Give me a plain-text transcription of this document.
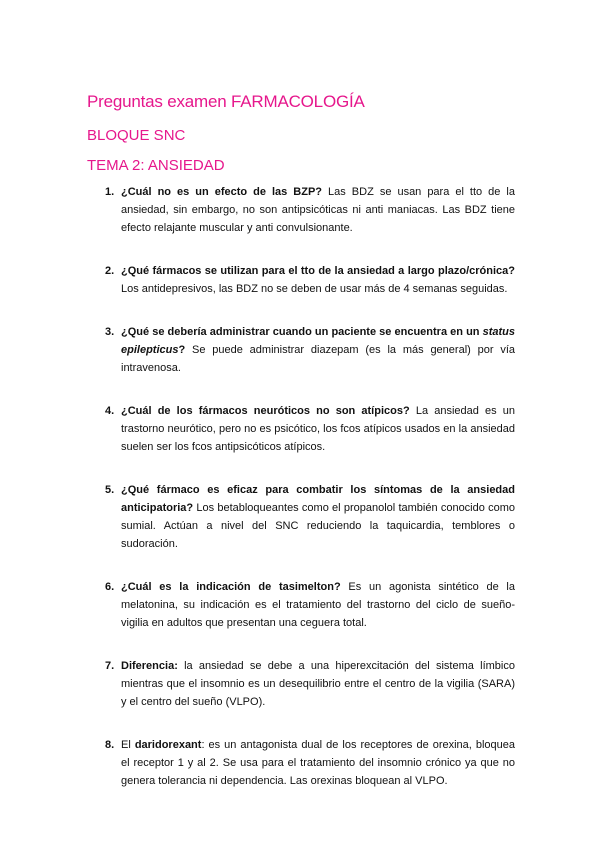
Preguntas examen FARMACOLOGÍA
BLOQUE SNC
TEMA 2: ANSIEDAD
1. ¿Cuál no es un efecto de las BZP? Las BDZ se usan para el tto de la ansiedad, sin embargo, no son antipsicóticas ni anti maniacas. Las BDZ tiene efecto relajante muscular y anti convulsionante.
2. ¿Qué fármacos se utilizan para el tto de la ansiedad a largo plazo/crónica? Los antidepresivos, las BDZ no se deben de usar más de 4 semanas seguidas.
3. ¿Qué se debería administrar cuando un paciente se encuentra en un status epilepticus? Se puede administrar diazepam (es la más general) por vía intravenosa.
4. ¿Cuál de los fármacos neuróticos no son atípicos? La ansiedad es un trastorno neurótico, pero no es psicótico, los fcos atípicos usados en la ansiedad suelen ser los fcos antipsicóticos atípicos.
5. ¿Qué fármaco es eficaz para combatir los síntomas de la ansiedad anticipatoria? Los betabloqueantes como el propanolol también conocido como sumial. Actúan a nivel del SNC reduciendo la taquicardia, temblores o sudoración.
6. ¿Cuál es la indicación de tasimelton? Es un agonista sintético de la melatonina, su indicación es el tratamiento del trastorno del ciclo de sueño-vigilia en adultos que presentan una ceguera total.
7. Diferencia: la ansiedad se debe a una hiperexcitación del sistema límbico mientras que el insomnio es un desequilibrio entre el centro de la vigilia (SARA) y el centro del sueño (VLPO).
8. El daridorexant: es un antagonista dual de los receptores de orexina, bloquea el receptor 1 y al 2. Se usa para el tratamiento del insomnio crónico ya que no genera tolerancia ni dependencia. Las orexinas bloquean al VLPO.
